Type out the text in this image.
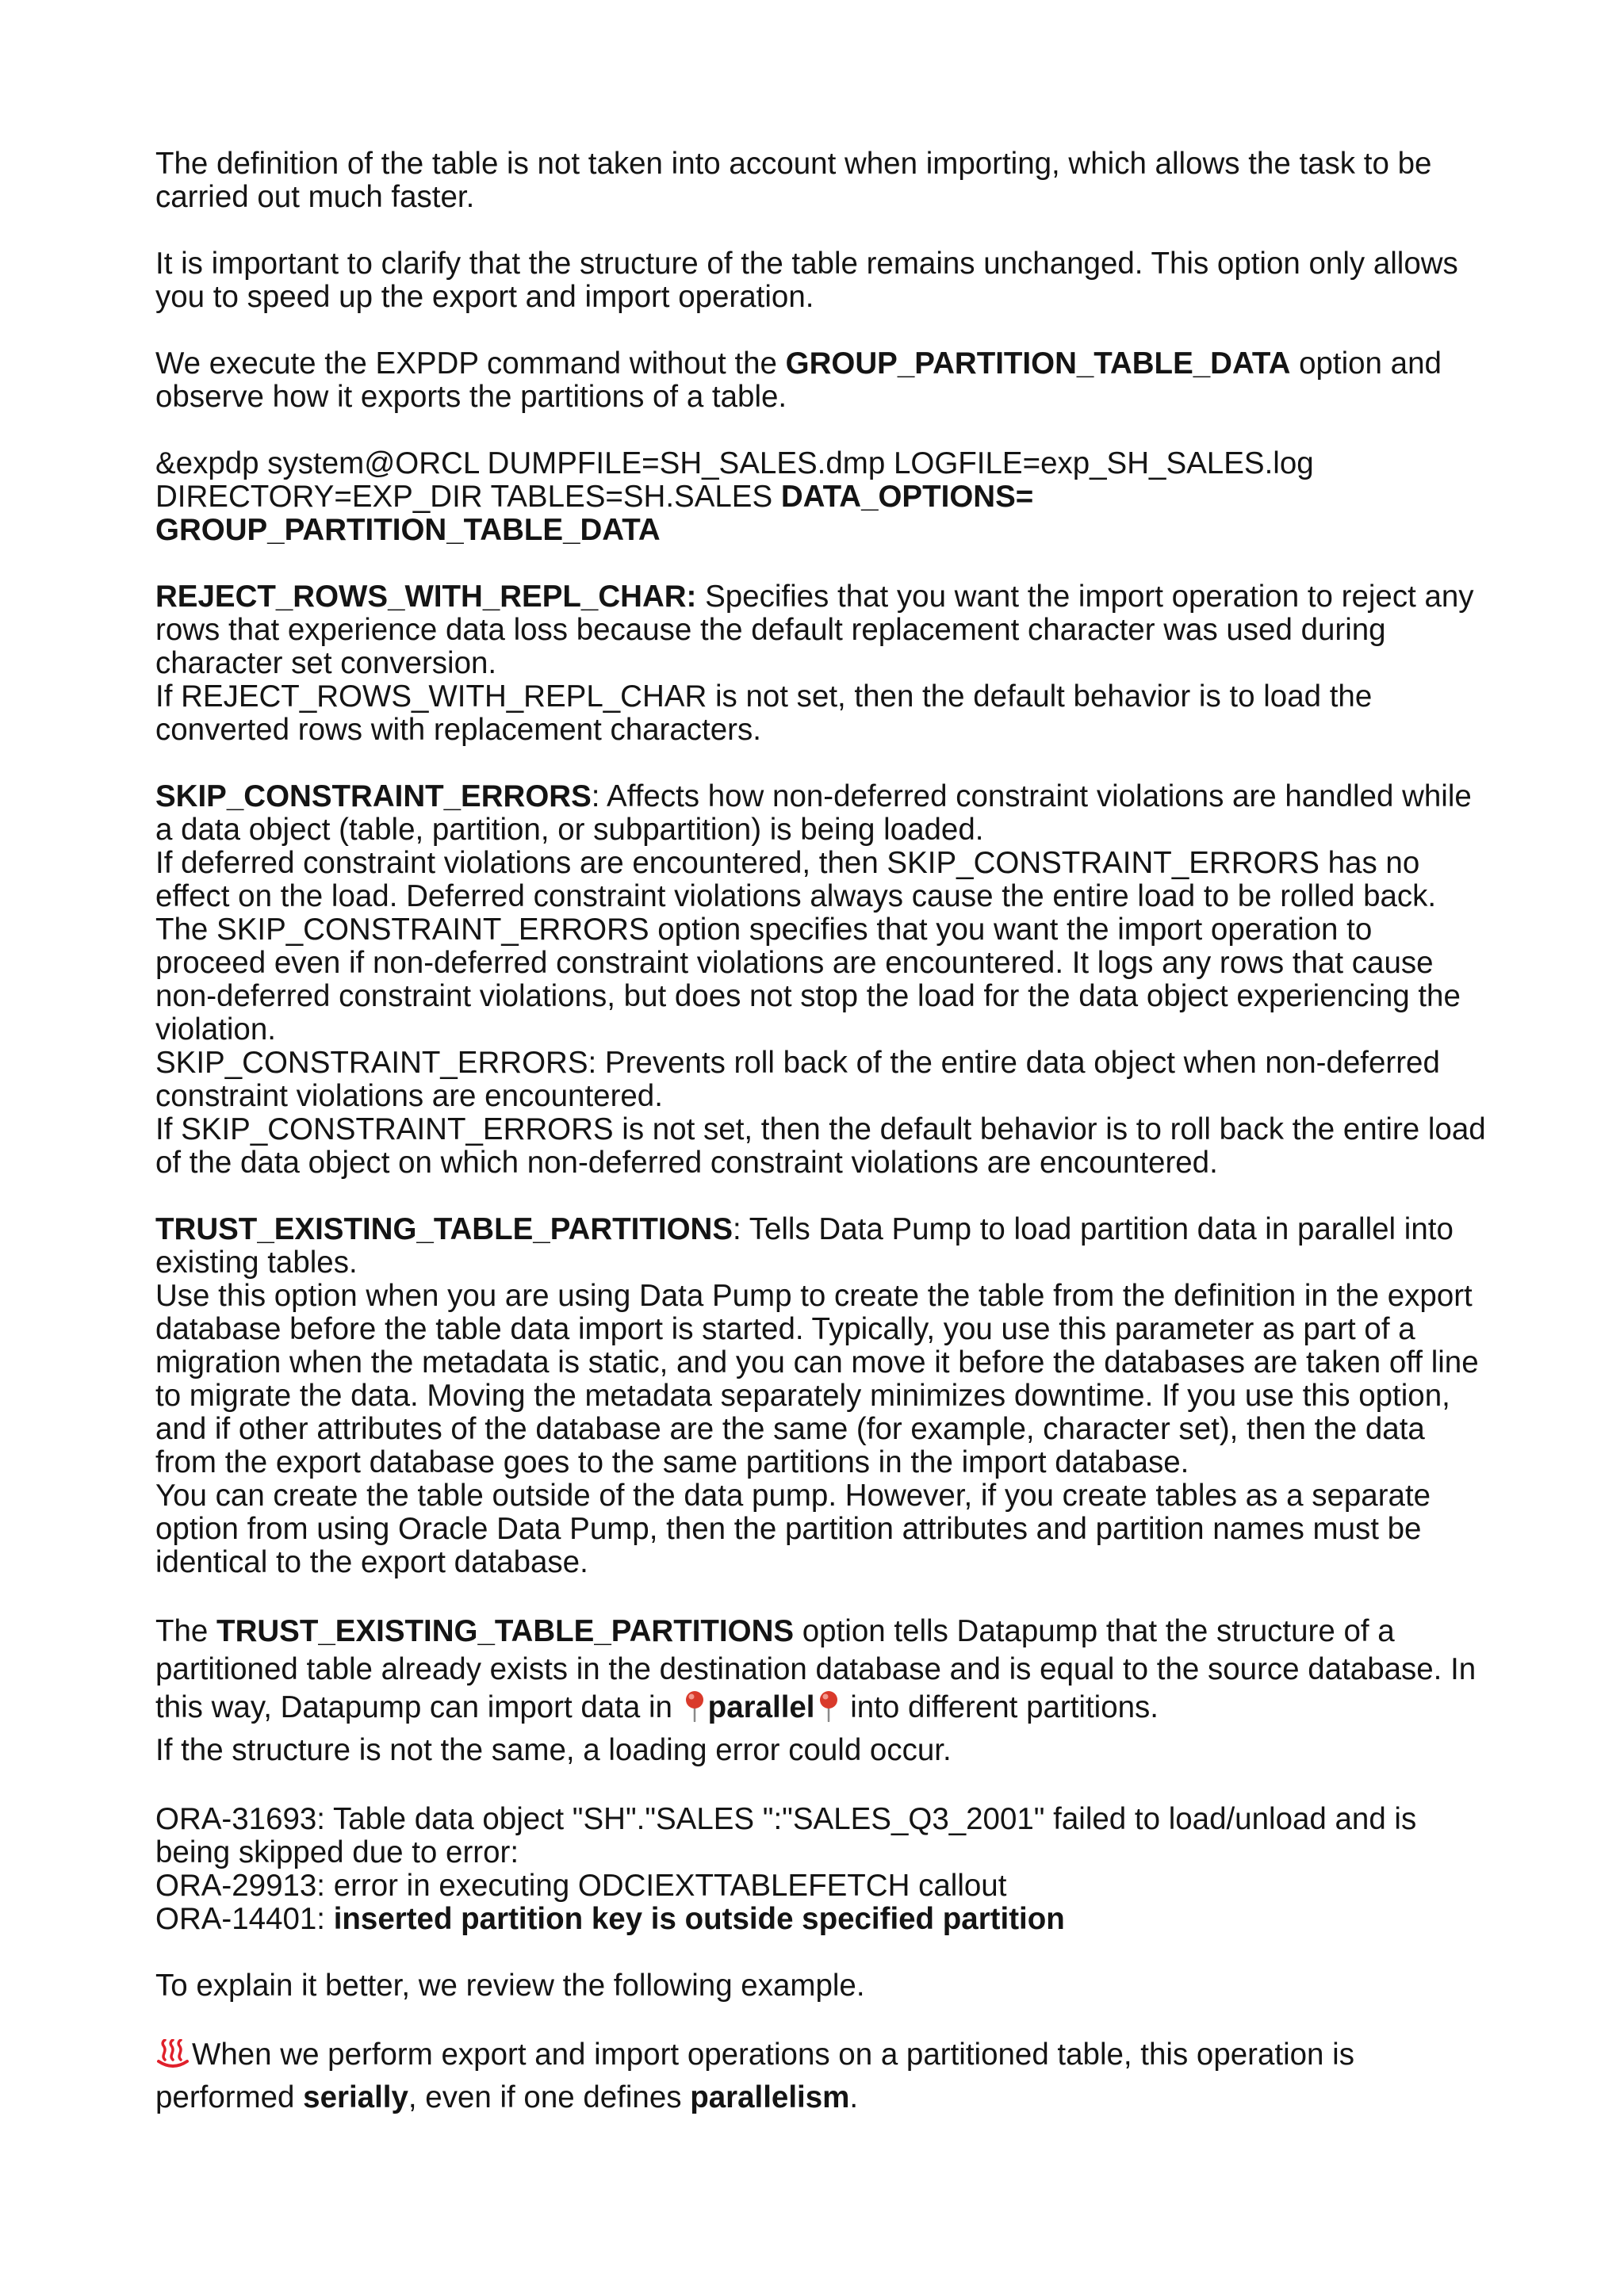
The definition of the table is not taken into account when importing, which allows the task to be carried out much faster.
It is important to clarify that the structure of the table remains unchanged. This option only allows you to speed up the export and import operation.
We execute the EXPDP command without the GROUP_PARTITION_TABLE_DATA option and observe how it exports the partitions of a table.
&expdp system@ORCL DUMPFILE=SH_SALES.dmp LOGFILE=exp_SH_SALES.log DIRECTORY=EXP_DIR TABLES=SH.SALES DATA_OPTIONS= GROUP_PARTITION_TABLE_DATA

REJECT_ROWS_WITH_REPL_CHAR: Specifies that you want the import operation to reject any rows that experience data loss because the default replacement character was used during character set conversion.

If REJECT_ROWS_WITH_REPL_CHAR is not set, then the default behavior is to load the converted rows with replacement characters.

SKIP_CONSTRAINT_ERRORS: Affects how non-deferred constraint violations are handled while a data object (table, partition, or subpartition) is being loaded.

If deferred constraint violations are encountered, then SKIP_CONSTRAINT_ERRORS has no effect on the load. Deferred constraint violations always cause the entire load to be rolled back.

The SKIP_CONSTRAINT_ERRORS option specifies that you want the import operation to proceed even if non-deferred constraint violations are encountered. It logs any rows that cause non-deferred constraint violations, but does not stop the load for the data object experiencing the violation.

SKIP_CONSTRAINT_ERRORS: Prevents roll back of the entire data object when non-deferred constraint violations are encountered.

If SKIP_CONSTRAINT_ERRORS is not set, then the default behavior is to roll back the entire load of the data object on which non-deferred constraint violations are encountered.

TRUST_EXISTING_TABLE_PARTITIONS: Tells Data Pump to load partition data in parallel into existing tables.

Use this option when you are using Data Pump to create the table from the definition in the export database before the table data import is started. Typically, you use this parameter as part of a migration when the metadata is static, and you can move it before the databases are taken off line to migrate the data. Moving the metadata separately minimizes downtime. If you use this option, and if other attributes of the database are the same (for example, character set), then the data from the export database goes to the same partitions in the import database.

You can create the table outside of the data pump. However, if you create tables as a separate option from using Oracle Data Pump, then the partition attributes and partition names must be identical to the export database.

The TRUST_EXISTING_TABLE_PARTITIONS option tells Datapump that the structure of a partitioned table already exists in the destination database and is equal to the source database. In this way, Datapump can import data in parallel into different partitions.

If the structure is not the same, a loading error could occur.

ORA-31693: Table data object "SH"."SALES ":"SALES_Q3_2001" failed to load/unload and is being skipped due to error:

ORA-29913: error in executing ODCIEXTTABLEFETCH callout

ORA-14401: inserted partition key is outside specified partition

To explain it better, we review the following example.
When we perform export and import operations on a partitioned table, this operation is performed serially, even if one defines parallelism.
